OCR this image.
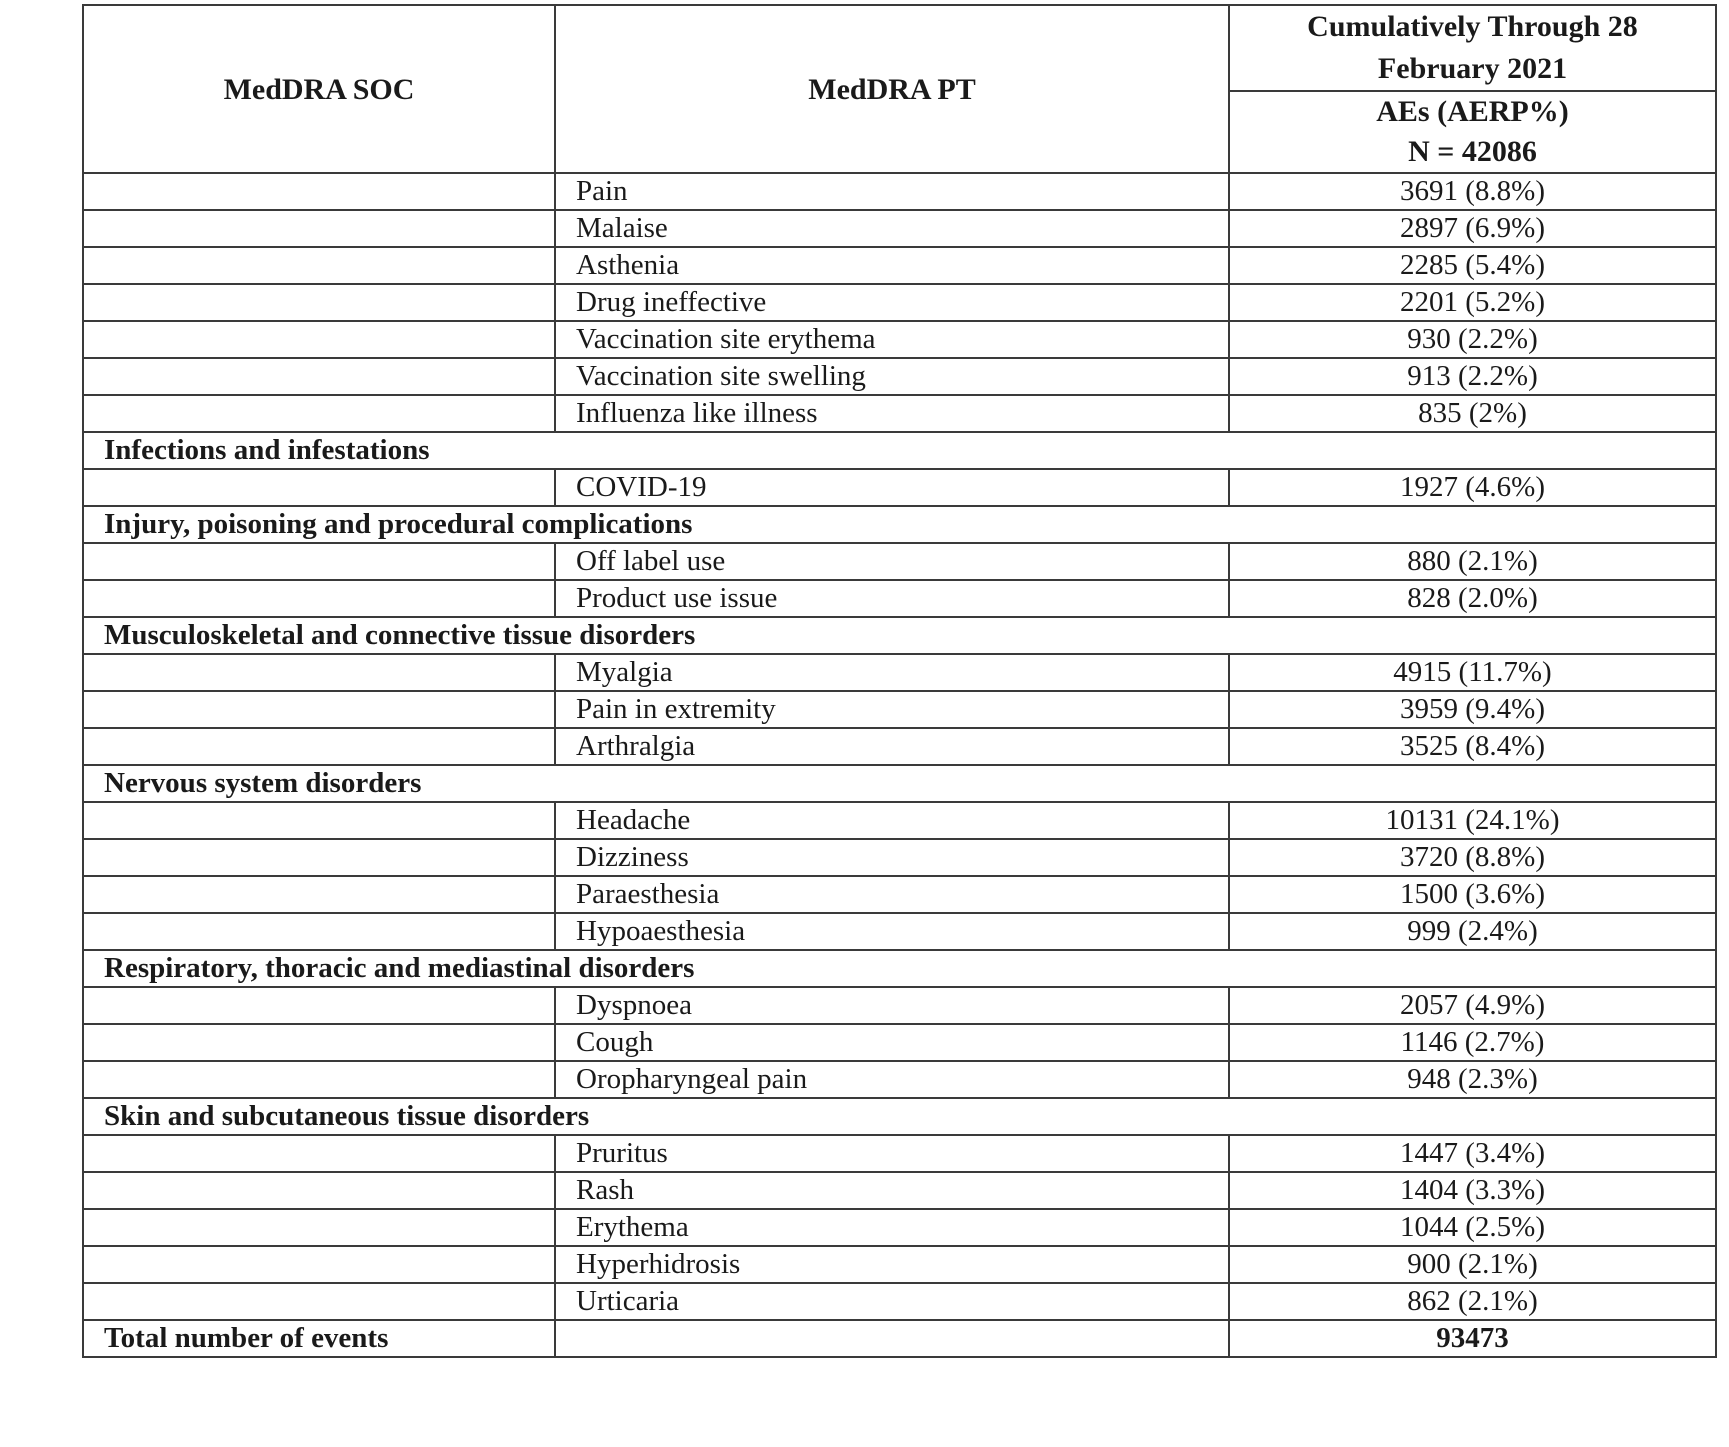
MedDRA SOC	MedDRA PT	Cumulatively Through 28
February 2021

		AEs (AERP%)
N = 42086

	Pain	3691 (8.8%)
	Malaise	2897 (6.9%)
	Asthenia	2285 (5.4%)
	Drug ineffective	2201 (5.2%)
	Vaccination site erythema	930 (2.2%)
	Vaccination site swelling	913 (2.2%)
	Influenza like illness	835 (2%)
Infections and infestations		
	COVID-19	1927 (4.6%)
Injury, poisoning and procedural complications		
	Off label use	880 (2.1%)
	Product use issue	828 (2.0%)
Musculoskeletal and connective tissue disorders		
	Myalgia	4915 (11.7%)
	Pain in extremity	3959 (9.4%)
	Arthralgia	3525 (8.4%)
Nervous system disorders		
	Headache	10131 (24.1%)
	Dizziness	3720 (8.8%)
	Paraesthesia	1500 (3.6%)
	Hypoaesthesia	999 (2.4%)
Respiratory, thoracic and mediastinal disorders		
	Dyspnoea	2057 (4.9%)
	Cough	1146 (2.7%)
	Oropharyngeal pain	948 (2.3%)
Skin and subcutaneous tissue disorders		
	Pruritus	1447 (3.4%)
	Rash	1404 (3.3%)
	Erythema	1044 (2.5%)
	Hyperhidrosis	900 (2.1%)
	Urticaria	862 (2.1%)
Total number of events		93473
